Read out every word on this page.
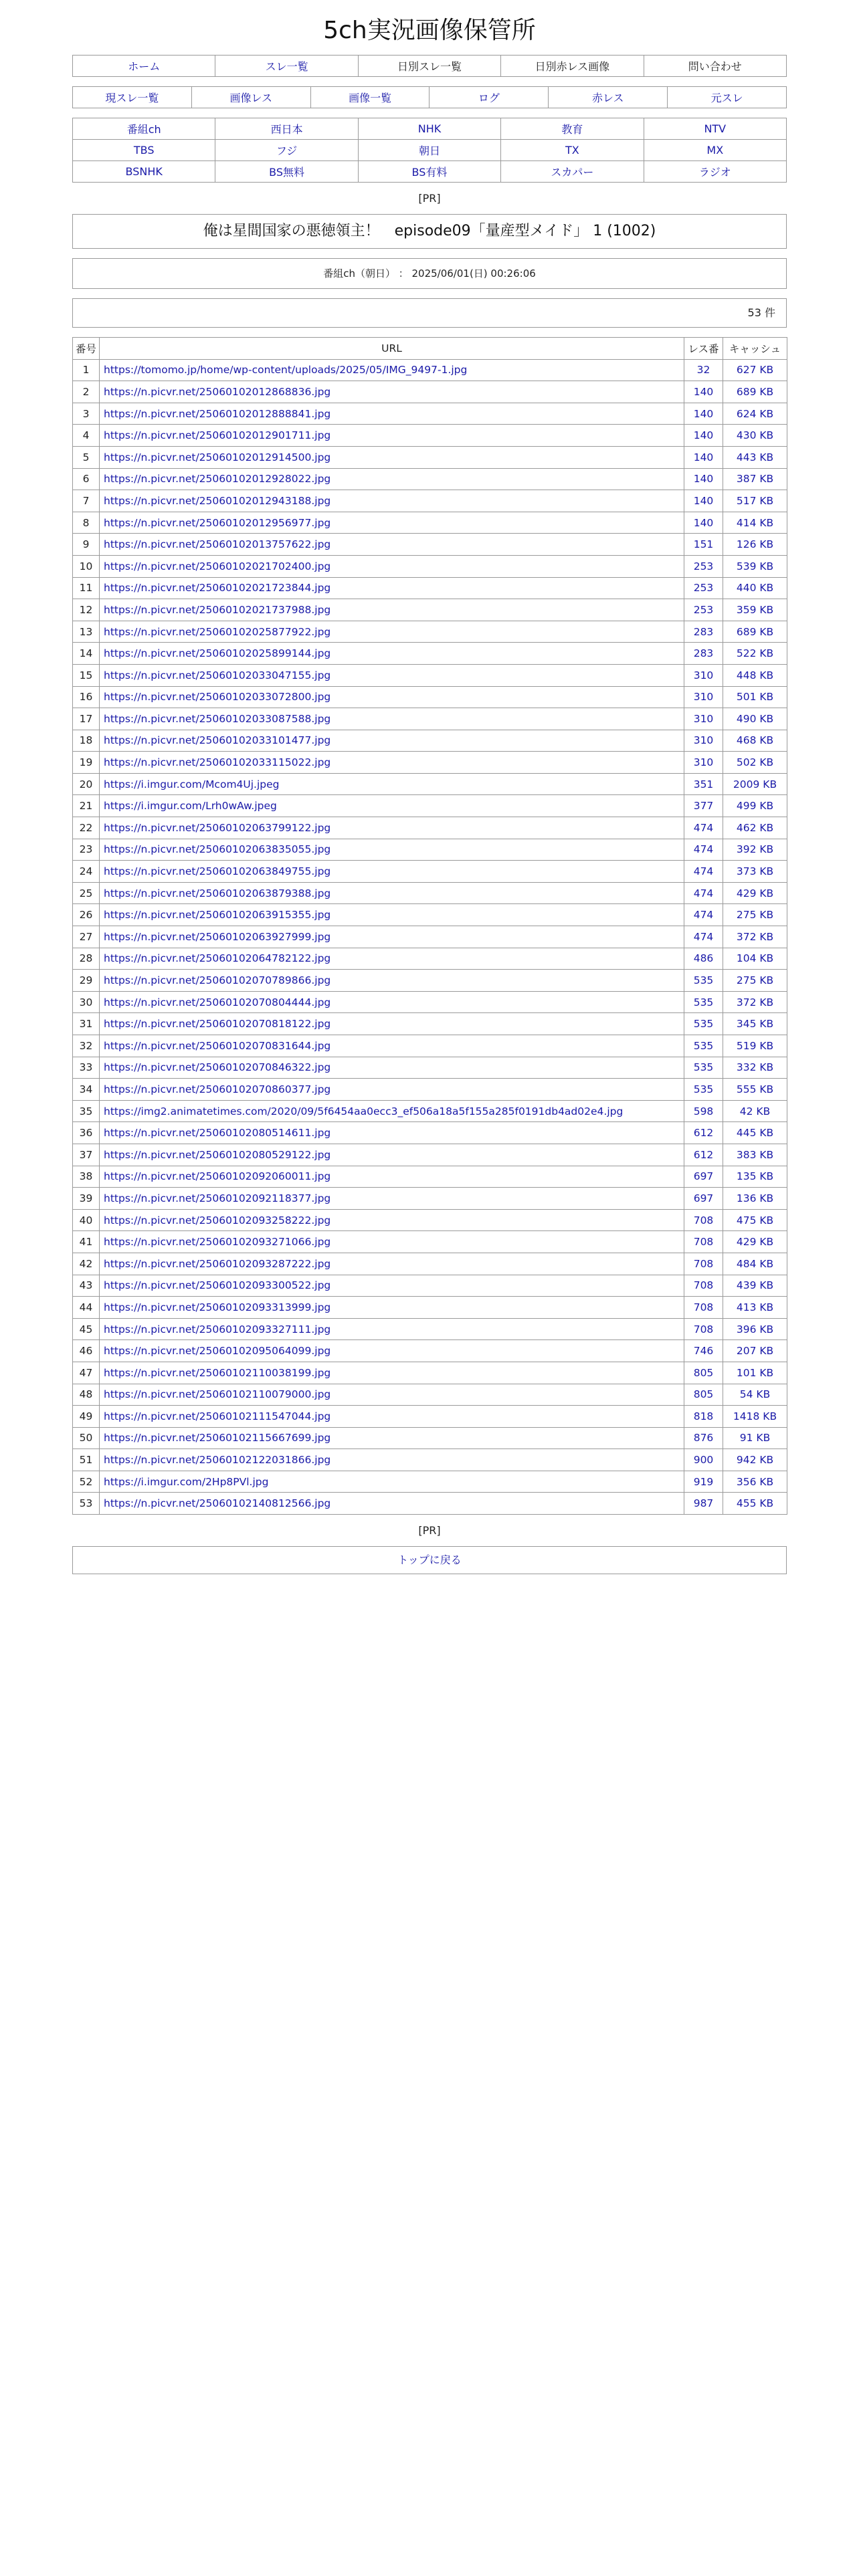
5ch実況画像保管所
ホーム	スレ一覧	日別スレ一覧	日別赤レス画像	問い合わせ
現スレ一覧	画像レス	画像一覧	ログ	赤レス	元スレ
番組ch	西日本	NHK	教育	NTV
TBS	フジ	朝日	TX	MX
BSNHK	BS無料	BS有料	スカパー	ラジオ
[PR]
俺は星間国家の悪徳領主！　episode09「量産型メイド」 1 (1002)
番組ch（朝日） ： 2025/06/01(日) 00:26:06
53 件
番号	URL	レス番	キャッシュ
1	https://tomomo.jp/home/wp-content/uploads/2025/05/IMG_9497-1.jpg	32	627 KB
2	https://n.picvr.net/25060102012868836.jpg	140	689 KB
3	https://n.picvr.net/25060102012888841.jpg	140	624 KB
4	https://n.picvr.net/25060102012901711.jpg	140	430 KB
5	https://n.picvr.net/25060102012914500.jpg	140	443 KB
6	https://n.picvr.net/25060102012928022.jpg	140	387 KB
7	https://n.picvr.net/25060102012943188.jpg	140	517 KB
8	https://n.picvr.net/25060102012956977.jpg	140	414 KB
9	https://n.picvr.net/25060102013757622.jpg	151	126 KB
10	https://n.picvr.net/25060102021702400.jpg	253	539 KB
11	https://n.picvr.net/25060102021723844.jpg	253	440 KB
12	https://n.picvr.net/25060102021737988.jpg	253	359 KB
13	https://n.picvr.net/25060102025877922.jpg	283	689 KB
14	https://n.picvr.net/25060102025899144.jpg	283	522 KB
15	https://n.picvr.net/25060102033047155.jpg	310	448 KB
16	https://n.picvr.net/25060102033072800.jpg	310	501 KB
17	https://n.picvr.net/25060102033087588.jpg	310	490 KB
18	https://n.picvr.net/25060102033101477.jpg	310	468 KB
19	https://n.picvr.net/25060102033115022.jpg	310	502 KB
20	https://i.imgur.com/Mcom4Uj.jpeg	351	2009 KB
21	https://i.imgur.com/Lrh0wAw.jpeg	377	499 KB
22	https://n.picvr.net/25060102063799122.jpg	474	462 KB
23	https://n.picvr.net/25060102063835055.jpg	474	392 KB
24	https://n.picvr.net/25060102063849755.jpg	474	373 KB
25	https://n.picvr.net/25060102063879388.jpg	474	429 KB
26	https://n.picvr.net/25060102063915355.jpg	474	275 KB
27	https://n.picvr.net/25060102063927999.jpg	474	372 KB
28	https://n.picvr.net/25060102064782122.jpg	486	104 KB
29	https://n.picvr.net/25060102070789866.jpg	535	275 KB
30	https://n.picvr.net/25060102070804444.jpg	535	372 KB
31	https://n.picvr.net/25060102070818122.jpg	535	345 KB
32	https://n.picvr.net/25060102070831644.jpg	535	519 KB
33	https://n.picvr.net/25060102070846322.jpg	535	332 KB
34	https://n.picvr.net/25060102070860377.jpg	535	555 KB
35	https://img2.animatetimes.com/2020/09/5f6454aa0ecc3_ef506a18a5f155a285f0191db4ad02e4.jpg	598	42 KB
36	https://n.picvr.net/25060102080514611.jpg	612	445 KB
37	https://n.picvr.net/25060102080529122.jpg	612	383 KB
38	https://n.picvr.net/25060102092060011.jpg	697	135 KB
39	https://n.picvr.net/25060102092118377.jpg	697	136 KB
40	https://n.picvr.net/25060102093258222.jpg	708	475 KB
41	https://n.picvr.net/25060102093271066.jpg	708	429 KB
42	https://n.picvr.net/25060102093287222.jpg	708	484 KB
43	https://n.picvr.net/25060102093300522.jpg	708	439 KB
44	https://n.picvr.net/25060102093313999.jpg	708	413 KB
45	https://n.picvr.net/25060102093327111.jpg	708	396 KB
46	https://n.picvr.net/25060102095064099.jpg	746	207 KB
47	https://n.picvr.net/25060102110038199.jpg	805	101 KB
48	https://n.picvr.net/25060102110079000.jpg	805	54 KB
49	https://n.picvr.net/25060102111547044.jpg	818	1418 KB
50	https://n.picvr.net/25060102115667699.jpg	876	91 KB
51	https://n.picvr.net/25060102122031866.jpg	900	942 KB
52	https://i.imgur.com/2Hp8PVl.jpg	919	356 KB
53	https://n.picvr.net/25060102140812566.jpg	987	455 KB
[PR]
トップに戻る
